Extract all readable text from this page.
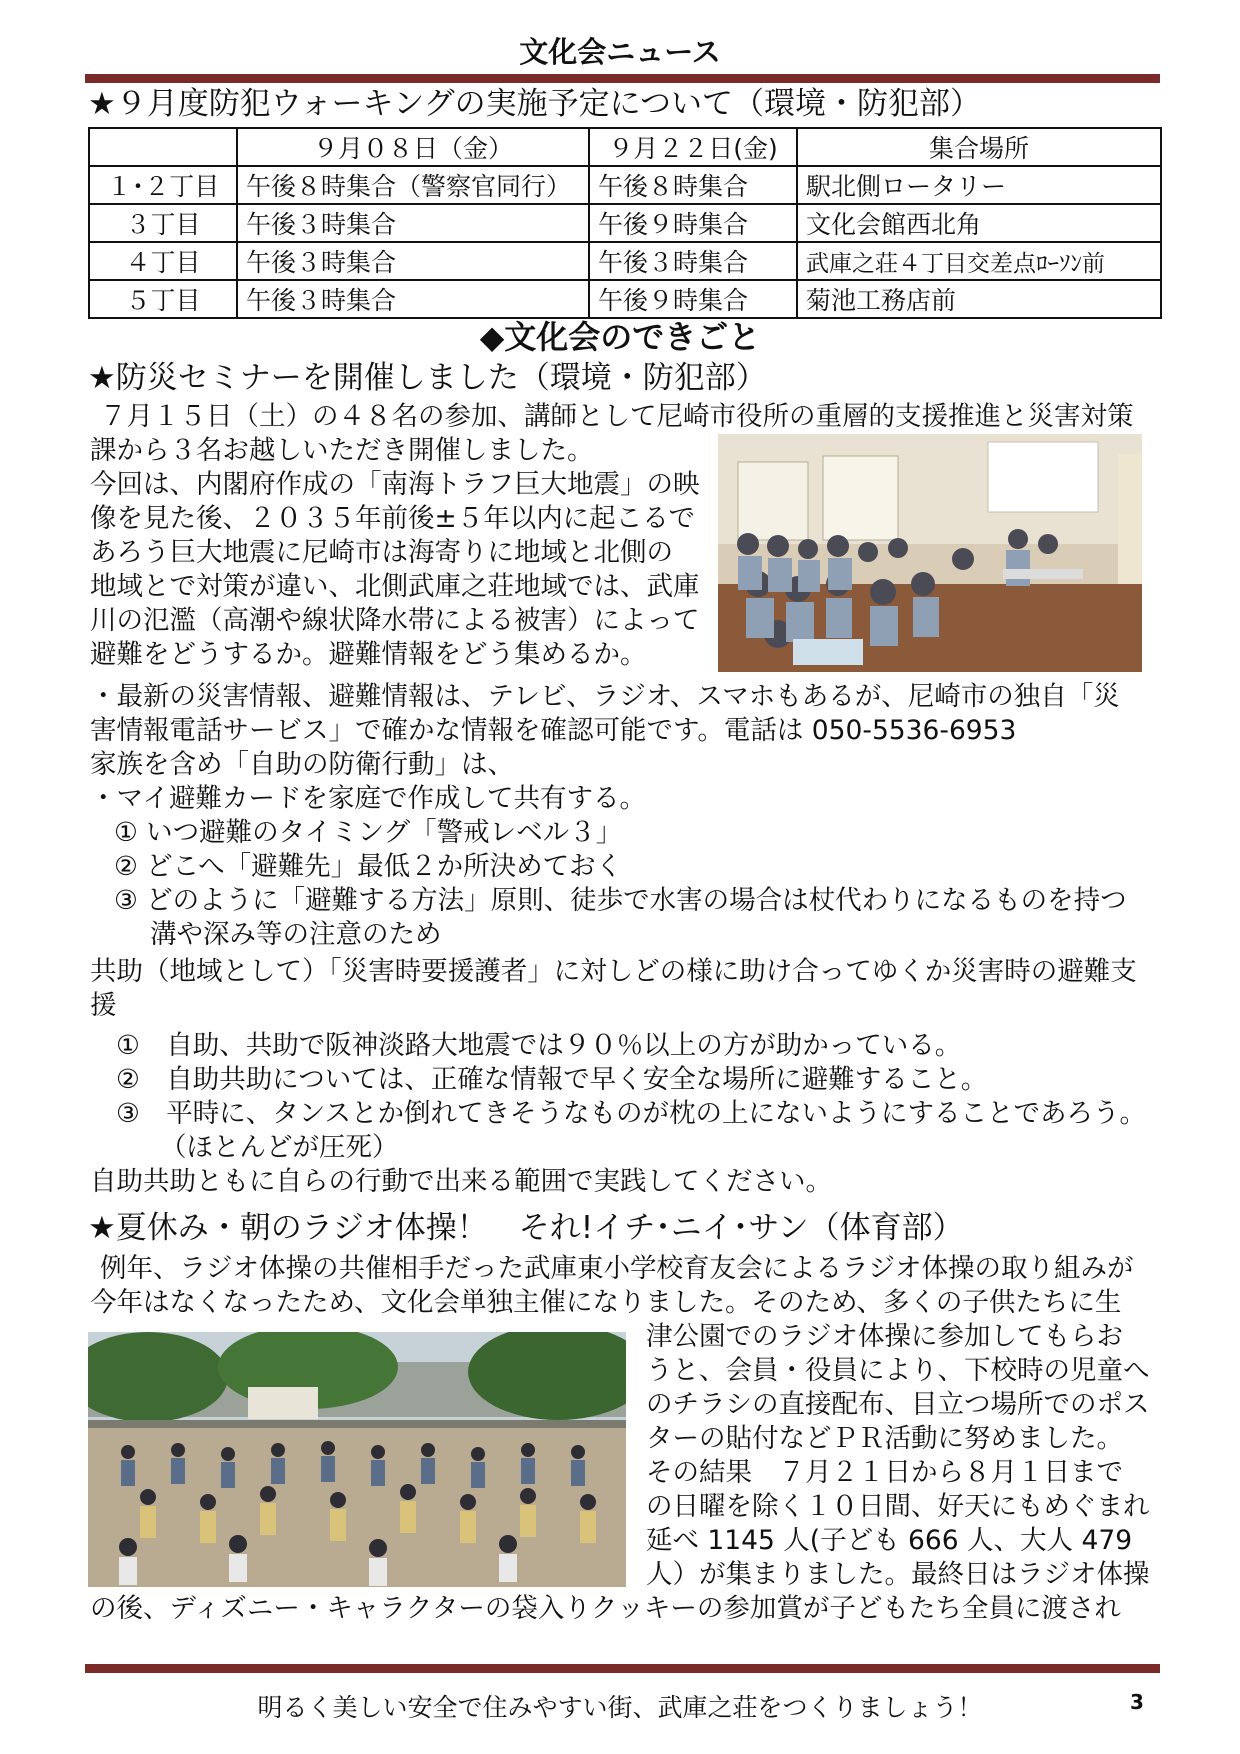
文化会ニュース
★９月度防犯ウォーキングの実施予定について（環境・防犯部）
	９月０８日（金）	９月２２日(金)	集合場所
１･２丁目	午後８時集合（警察官同行）	午後８時集合	駅北側ロータリー
３丁目	午後３時集合	午後９時集合	文化会館西北角
４丁目	午後３時集合	午後３時集合	武庫之荘４丁目交差点ﾛｰｿﾝ前
５丁目	午後３時集合	午後９時集合	菊池工務店前
◆文化会のできごと
★防災セミナーを開催しました（環境・防犯部）
７月１５日（土）の４８名の参加、講師として尼崎市役所の重層的支援推進と災害対策
課から３名お越しいただき開催しました。
今回は、内閣府作成の「南海トラフ巨大地震」の映
像を見た後、２０３５年前後±５年以内に起こるで
あろう巨大地震に尼崎市は海寄りに地域と北側の
地域とで対策が違い、北側武庫之荘地域では、武庫
川の氾濫（高潮や線状降水帯による被害）によって
避難をどうするか。避難情報をどう集めるか。
・最新の災害情報、避難情報は、テレビ、ラジオ、スマホもあるが、尼崎市の独自「災
害情報電話サービス」で確かな情報を確認可能です。電話は 050-5536-6953
家族を含め「自助の防衛行動」は、
・マイ避難カードを家庭で作成して共有する。
① いつ避難のタイミング「警戒レベル３」
② どこへ「避難先」最低２か所決めておく
③ どのように「避難する方法」原則、徒歩で水害の場合は杖代わりになるものを持つ
溝や深み等の注意のため
共助（地域として）「災害時要援護者」に対しどの様に助け合ってゆくか災害時の避難支
援
①　自助、共助で阪神淡路大地震では９０％以上の方が助かっている。
②　自助共助については、正確な情報で早く安全な場所に避難すること。
③　平時に、タンスとか倒れてきそうなものが枕の上にないようにすることであろう。
（ほとんどが圧死）
自助共助ともに自らの行動で出来る範囲で実践してください。
★夏休み・朝のラジオ体操！　それ!イチ･ニイ･サン（体育部）
例年、ラジオ体操の共催相手だった武庫東小学校育友会によるラジオ体操の取り組みが
今年はなくなったため、文化会単独主催になりました。そのため、多くの子供たちに生
津公園でのラジオ体操に参加してもらお
うと、会員・役員により、下校時の児童へ
のチラシの直接配布、目立つ場所でのポス
ターの貼付などＰＲ活動に努めました。
その結果　７月２１日から８月１日まで
の日曜を除く１０日間、好天にもめぐまれ
延べ 1145 人(子ども 666 人、大人 479
人）が集まりました。最終日はラジオ体操
の後、ディズニー・キャラクターの袋入りクッキーの参加賞が子どもたち全員に渡され
明るく美しい安全で住みやすい街、武庫之荘をつくりましょう！	3
